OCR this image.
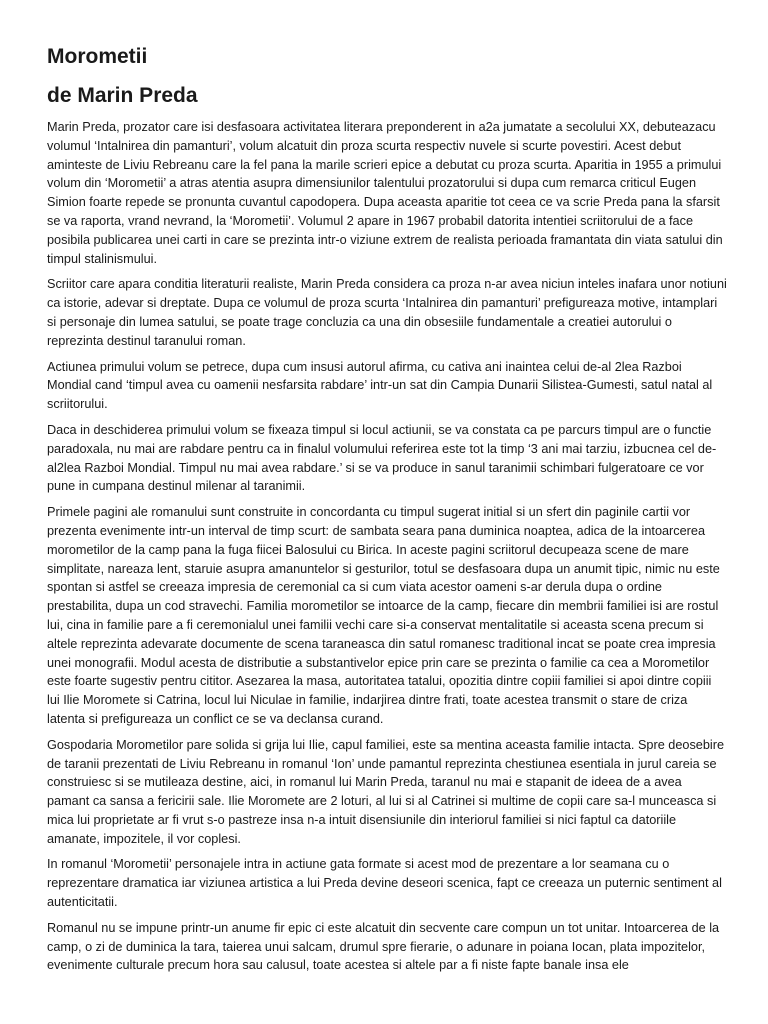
Morometii
de Marin Preda

Marin Preda, prozator care isi desfasoara activitatea literara preponderent in a2a jumatate a secolului XX, debuteazacu volumul ‘Intalnirea din pamanturi’, volum alcatuit din proza scurta respectiv nuvele si scurte povestiri. Acest debut aminteste de Liviu Rebreanu care la fel pana la marile scrieri epice a debutat cu proza scurta. Aparitia in 1955 a primului volum din ‘Morometii’ a atras atentia asupra dimensiunilor talentului prozatorului si dupa cum remarca criticul Eugen Simion foarte repede se pronunta cuvantul capodopera. Dupa aceasta aparitie tot ceea ce va scrie Preda pana la sfarsit se va raporta, vrand nevrand, la ‘Morometii’. Volumul 2 apare in 1967 probabil datorita intentiei scriitorului de a face posibila publicarea unei carti in care se prezinta intr-o viziune extrem de realista perioada framantata din viata satului din timpul stalinismului.

Scriitor care apara conditia literaturii realiste, Marin Preda considera ca proza n-ar avea niciun inteles inafara unor notiuni ca istorie, adevar si dreptate. Dupa ce volumul de proza scurta ‘Intalnirea din pamanturi’ prefigureaza motive, intamplari si personaje din lumea satului, se poate trage concluzia ca una din obsesiile fundamentale a creatiei autorului o reprezinta destinul taranului roman.

Actiunea primului volum se petrece, dupa cum insusi autorul afirma, cu cativa ani inaintea celui de-al 2lea Razboi Mondial cand ‘timpul avea cu oamenii nesfarsita rabdare’ intr-un sat din Campia Dunarii Silistea-Gumesti, satul natal al scriitorului.

Daca in deschiderea primului volum se fixeaza timpul si locul actiunii, se va constata ca pe parcurs timpul are o functie paradoxala, nu mai are rabdare pentru ca in finalul volumului referirea este tot la timp ‘3 ani mai tarziu, izbucnea cel de-al2lea Razboi Mondial. Timpul nu mai avea rabdare.’ si se va produce in sanul taranimii schimbari fulgeratoare ce vor pune in cumpana destinul milenar al taranimii.

Primele pagini ale romanului sunt construite in concordanta cu timpul sugerat initial si un sfert din paginile cartii vor prezenta evenimente intr-un interval de timp scurt: de sambata seara pana duminica noaptea, adica de la intoarcerea morometilor de la camp pana la fuga fiicei Balosului cu Birica. In aceste pagini scriitorul decupeaza scene de mare simplitate, nareaza lent, staruie asupra amanuntelor si gesturilor, totul se desfasoara dupa un anumit tipic, nimic nu este spontan si astfel se creeaza impresia de ceremonial ca si cum viata acestor oameni s-ar derula dupa o ordine prestabilita, dupa un cod stravechi. Familia morometilor se intoarce de la camp, fiecare din membrii familiei isi are rostul lui, cina in familie pare a fi ceremonialul unei familii vechi care si-a conservat mentalitatile si aceasta scena precum si altele reprezinta adevarate documente de scena taraneasca din satul romanesc traditional incat se poate crea impresia unei monografii. Modul acesta de distributie a substantivelor epice prin care se prezinta o familie ca cea a Morometilor este foarte sugestiv pentru cititor. Asezarea la masa, autoritatea tatalui, opozitia dintre copiii familiei si apoi dintre copiii lui Ilie Moromete si Catrina, locul lui Niculae in familie, indarjirea dintre frati, toate acestea transmit o stare de criza latenta si prefigureaza un conflict ce se va declansa curand.

Gospodaria Morometilor pare solida si grija lui Ilie, capul familiei, este sa mentina aceasta familie intacta. Spre deosebire de taranii prezentati de Liviu Rebreanu in romanul ‘Ion’ unde pamantul reprezinta chestiunea esentiala in jurul careia se construiesc si se mutileaza destine, aici, in romanul lui Marin Preda, taranul nu mai e stapanit de ideea de a avea pamant ca sansa a fericirii sale. Ilie Moromete are 2 loturi, al lui si al Catrinei si multime de copii care sa-l munceasca si mica lui proprietate ar fi vrut s-o pastreze insa n-a intuit disensiunile din interiorul familiei si nici faptul ca datoriile amanate, impozitele, il vor coplesi.

In romanul ‘Morometii’ personajele intra in actiune gata formate si acest mod de prezentare a lor seamana cu o reprezentare dramatica iar viziunea artistica a lui Preda devine deseori scenica, fapt ce creeaza un puternic sentiment al autenticitatii.

Romanul nu se impune printr-un anume fir epic ci este alcatuit din secvente care compun un tot unitar. Intoarcerea de la camp, o zi de duminica la tara, taierea unui salcam, drumul spre fierarie, o adunare in poiana Iocan, plata impozitelor, evenimente culturale precum hora sau calusul, toate acestea si altele par a fi niste fapte banale insa ele
